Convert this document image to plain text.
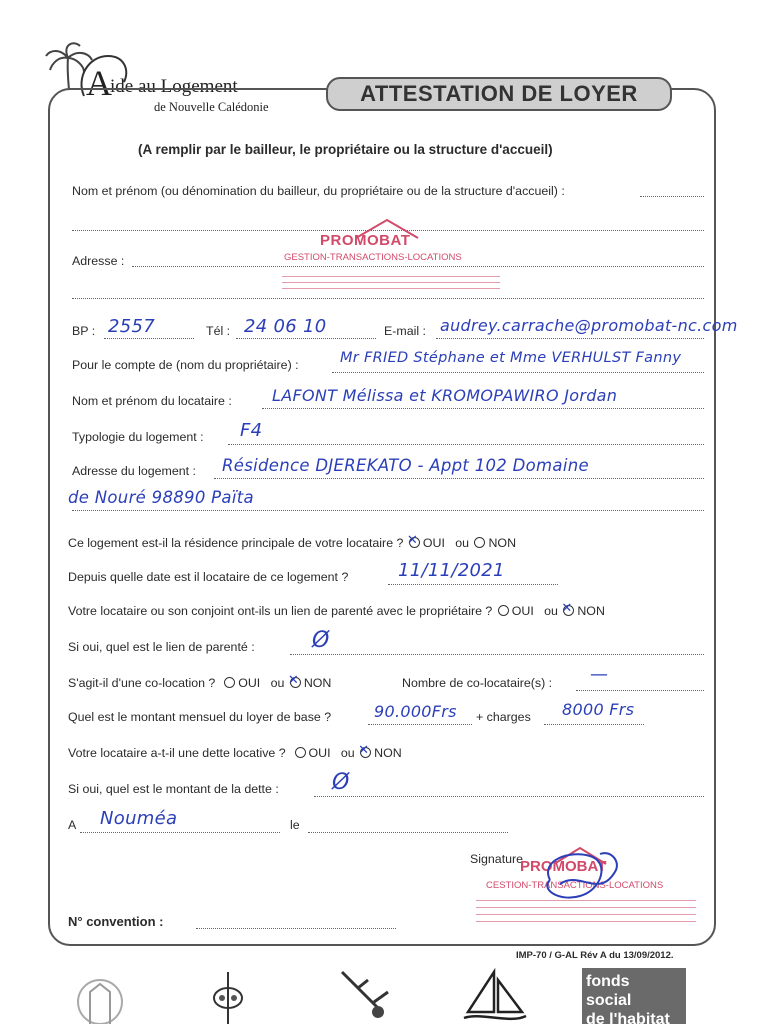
A
ide au Logement
de Nouvelle Calédonie
ATTESTATION DE LOYER
(A remplir par le bailleur, le propriétaire ou la structure d'accueil)
Nom et prénom (ou dénomination du bailleur, du propriétaire ou de la structure d'accueil) :
PROMOBAT
GESTION-TRANSACTIONS-LOCATIONS
Adresse :
BP : 2557	Tél : 24 06 10	E-mail : audrey.carrache@promobat-nc.com
Pour le compte de (nom du propriétaire) :	Mr FRIED Stéphane et Mme VERHULST Fanny
Nom et prénom du locataire :	LAFONT Mélissa et KROMOPAWIRO Jordan
Typologie du logement : F4
Adresse du logement : Résidence DJEREKATO - Appt 102 Domaine
de Nouré 98890 Païta
Ce logement est-il la résidence principale de votre locataire ? ✕ OUI ou NON
Depuis quelle date est il locataire de ce logement ?	11/11/2021
Votre locataire ou son conjoint ont-ils un lien de parenté avec le propriétaire ? OUI ou ✕ NON
Si oui, quel est le lien de parenté :	Ø
S'agit-il d'une co-location ? OUI ou ✕ NON	Nombre de co-locataire(s) : —
Quel est le montant mensuel du loyer de base ?	90.000Frs + charges 8000 Frs
Votre locataire a-t-il une dette locative ? OUI ou ✕ NON
Si oui, quel est le montant de la dette : Ø
A Nouméa	le
Signature
PROMOBAT
CESTION-TRANSACTIONS-LOCATIONS
N° convention :
IMP-70 / G-AL Rév A du 13/09/2012.
fonds
social
de l'habitat
